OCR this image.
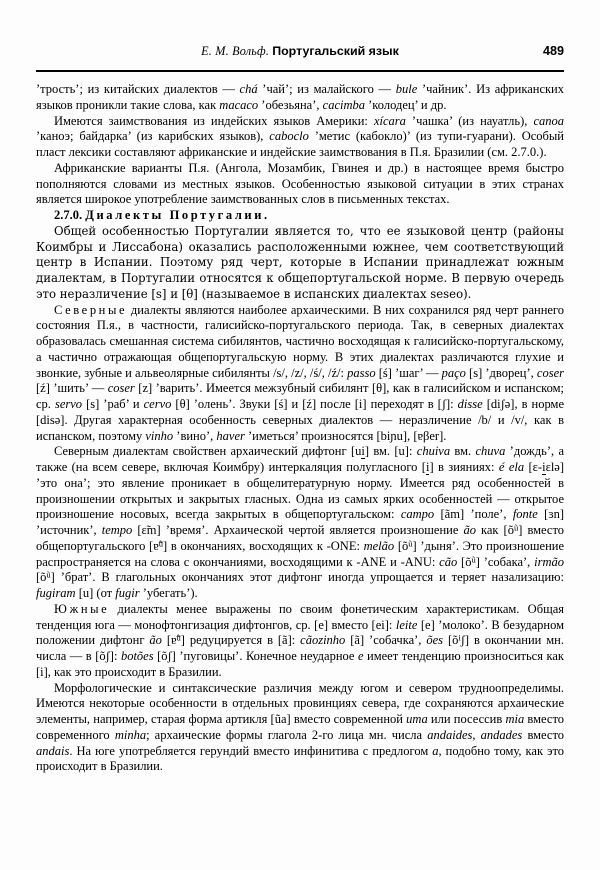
Е. М. Вольф. Португальский язык	489

’трость’; из китайских диалектов — chá ’чай’; из малайского — bule ’чайник’. Из африканских языков проникли такие слова, как macaco ’обезьяна’, cacimba ’колодец’ и др.

Имеются заимствования из индейских языков Америки: xícara ’чашка’ (из науатль), canoa ’каноэ; байдарка’ (из карибских языков), caboclo ’метис (кабокло)’ (из тупи-гуарани). Особый пласт лексики составляют африканские и индейские заимствования в П.я. Бразилии (см. 2.7.0.).

Африканские варианты П.я. (Ангола, Мозамбик, Гвинея и др.) в настоящее время быстро пополняются словами из местных языков. Особенностью языковой ситуации в этих странах является широкое употребление заимствованных слов в письменных текстах.

2.7.0. Диалекты Португалии.

Общей особенностью Португалии является то, что ее языковой центр (районы Коимбры и Лиссабона) оказались расположенными южнее, чем соответствующий центр в Испании. Поэтому ряд черт, которые в Испании принадлежат южным диалектам, в Португалии относятся к общепортугальской норме. В первую очередь это неразличение [s] и [θ] (называемое в испанских диалектах seseo).

Северные диалекты являются наиболее архаическими. В них сохранился ряд черт раннего состояния П.я., в частности, галисийско-португальского периода. Так, в северных диалектах образовалась смешанная система сибилянтов, частично восходящая к галисийско-португальскому, а частично отражающая общепортугальскую норму. В этих диалектах различаются глухие и звонкие, зубные и альвеолярные сибилянты /s/, /z/, /ś/, /ź/: passo [ś] ’шаг’ — paço [s] ’дворец’, coser [ź] ’шить’ — coser [z] ’варить’. Имеется межзубный сибилянт [θ], как в галисийском и испанском; ср. servo [s] ’раб’ и cervo [θ] ’олень’. Звуки [ś] и [ź] после [i] переходят в [ʃ]: disse [diʃə], в норме [disə]. Другая характерная особенность северных диалектов — неразличение /b/ и /v/, как в испанском, поэтому vinho ’вино’, haver ’иметься’ произносятся [biɲu], [ɐβer].

Северным диалектам свойствен архаический дифтонг [ui] вм. [u]: chuiva вм. chuva ’дождь’, а также (на всем севере, включая Коимбру) интеркаляция полугласного [i] в зияниях: é ela [ɛ-iɛlə] ’это она’; это явление проникает в общелитературную норму. Имеется ряд особенностей в произношении открытых и закрытых гласных. Одна из самых ярких особенностей — открытое произношение носовых, всегда закрытых в общепортугальском: campo [ãm] ’поле’, fonte [ɜn] ’источник’, tempo [ɛ̃m] ’время’. Архаической чертой является произношение ão как $[õ^ũ]$ вместо общепортугальского [ɐ̃$^ũ$] в окончаниях, восходящих к -ONE: melão $[õ^ũ]$ ’дыня’. Это произношение распространяется на слова с окончаниями, восходящими к -ANE и -ANU: cão $[õ^ũ]$ ’собака’, irmão $[õ^ũ]$ ’брат’. В глагольных окончаниях этот дифтонг иногда упрощается и теряет назализацию: fugiram [u] (от fugir ’убегать’).

Южные диалекты менее выражены по своим фонетическим характеристикам. Общая тенденция юга — монофтонгизация дифтонгов, ср. [e] вместо [ei]: leite [e] ’молоко’. В безударном положении дифтонг ão [ɐ̃$^ũ$] редуцируется в [ã]: cãozinho [ã] ’собачка’, ões $[õ^iʃ]$ в окончании мн. числа — в [õʃ]: botões [õʃ] ’пуговицы’. Конечное неударное e имеет тенденцию произноситься как [i], как это происходит в Бразилии.

Морфологические и синтаксические различия между югом и севером трудноопределимы. Имеются некоторые особенности в отдельных провинциях севера, где сохраняются архаические элементы, например, старая форма артикля [ũa] вместо современной uma или посессив mia вместо современного minha; архаические формы глагола 2-го лица мн. числа andaides, andades вместо andais. На юге употребляется герундий вместо инфинитива с предлогом a, подобно тому, как это происходит в Бразилии.
